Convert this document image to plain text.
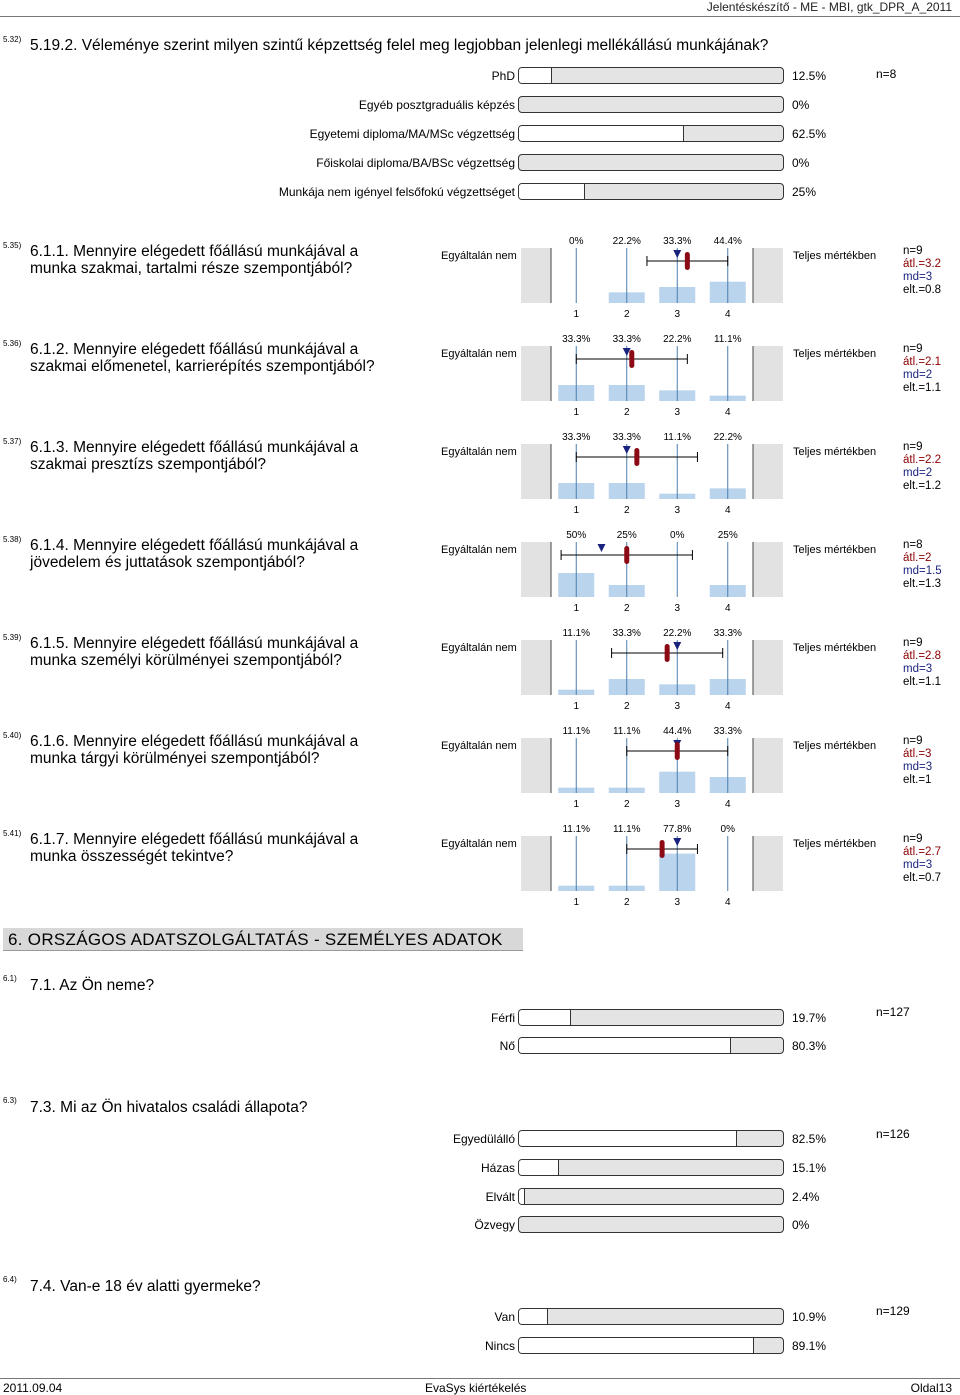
Jelentéskészítő - ME - MBI, gtk_DPR_A_2011
5.32) 5.19.2. Véleménye szerint milyen szintű képzettség felel meg legjobban jelenlegi mellékállású munkájának?
n=8
PhD	12.5%
Egyéb posztgraduális képzés	0%
Egyetemi diploma/MA/MSc végzettség	62.5%
Főiskolai diploma/BA/BSc végzettség	0%
Munkája nem igényel felsőfokú végzettséget	25%
5.35) 6.1.1. Mennyire elégedett főállású munkájával a
munka szakmai, tartalmi része szempontjából?
Egyáltalán nem	Teljes mértékben n=9
átl.=3.2
md=3
elt.=0.8
0%
1
22.2%
2
33.3%
3
44.4%
4
5.36) 6.1.2. Mennyire elégedett főállású munkájával a
szakmai előmenetel, karrierépítés szempontjából?
Egyáltalán nem	Teljes mértékben n=9
átl.=2.1
md=2
elt.=1.1
33.3%
1
33.3%
2
22.2%
3
11.1%
4
5.37) 6.1.3. Mennyire elégedett főállású munkájával a
szakmai presztízs szempontjából?
Egyáltalán nem	Teljes mértékben n=9
átl.=2.2
md=2
elt.=1.2
33.3%
1
33.3%
2
11.1%
3
22.2%
4
5.38) 6.1.4. Mennyire elégedett főállású munkájával a
jövedelem és juttatások szempontjából?
Egyáltalán nem	Teljes mértékben n=8
átl.=2
md=1.5
elt.=1.3
50%
1
25%
2
0%
3
25%
4
5.39) 6.1.5. Mennyire elégedett főállású munkájával a
munka személyi körülményei szempontjából?
Egyáltalán nem	Teljes mértékben n=9
átl.=2.8
md=3
elt.=1.1
11.1%
1
33.3%
2
22.2%
3
33.3%
4
5.40) 6.1.6. Mennyire elégedett főállású munkájával a
munka tárgyi körülményei szempontjából?
Egyáltalán nem	Teljes mértékben n=9
átl.=3
md=3
elt.=1
11.1%
1
11.1%
2
44.4%
3
33.3%
4
5.41) 6.1.7. Mennyire elégedett főállású munkájával a
munka összességét tekintve?
Egyáltalán nem	Teljes mértékben n=9
átl.=2.7
md=3
elt.=0.7
11.1%
1
11.1%
2
77.8%
3
0%
4
6. ORSZÁGOS ADATSZOLGÁLTATÁS - SZEMÉLYES ADATOK
6.1) 7.1. Az Ön neme?
n=127
Férfi	19.7%
Nő	80.3%
6.3) 7.3. Mi az Ön hivatalos családi állapota?
n=126
Egyedülálló	82.5%
Házas	15.1%
Elvált	2.4%
Özvegy	0%
6.4) 7.4. Van-e 18 év alatti gyermeke?
n=129
Van	10.9%
Nincs	89.1%
2011.09.04	EvaSys kiértékelés	Oldal13
